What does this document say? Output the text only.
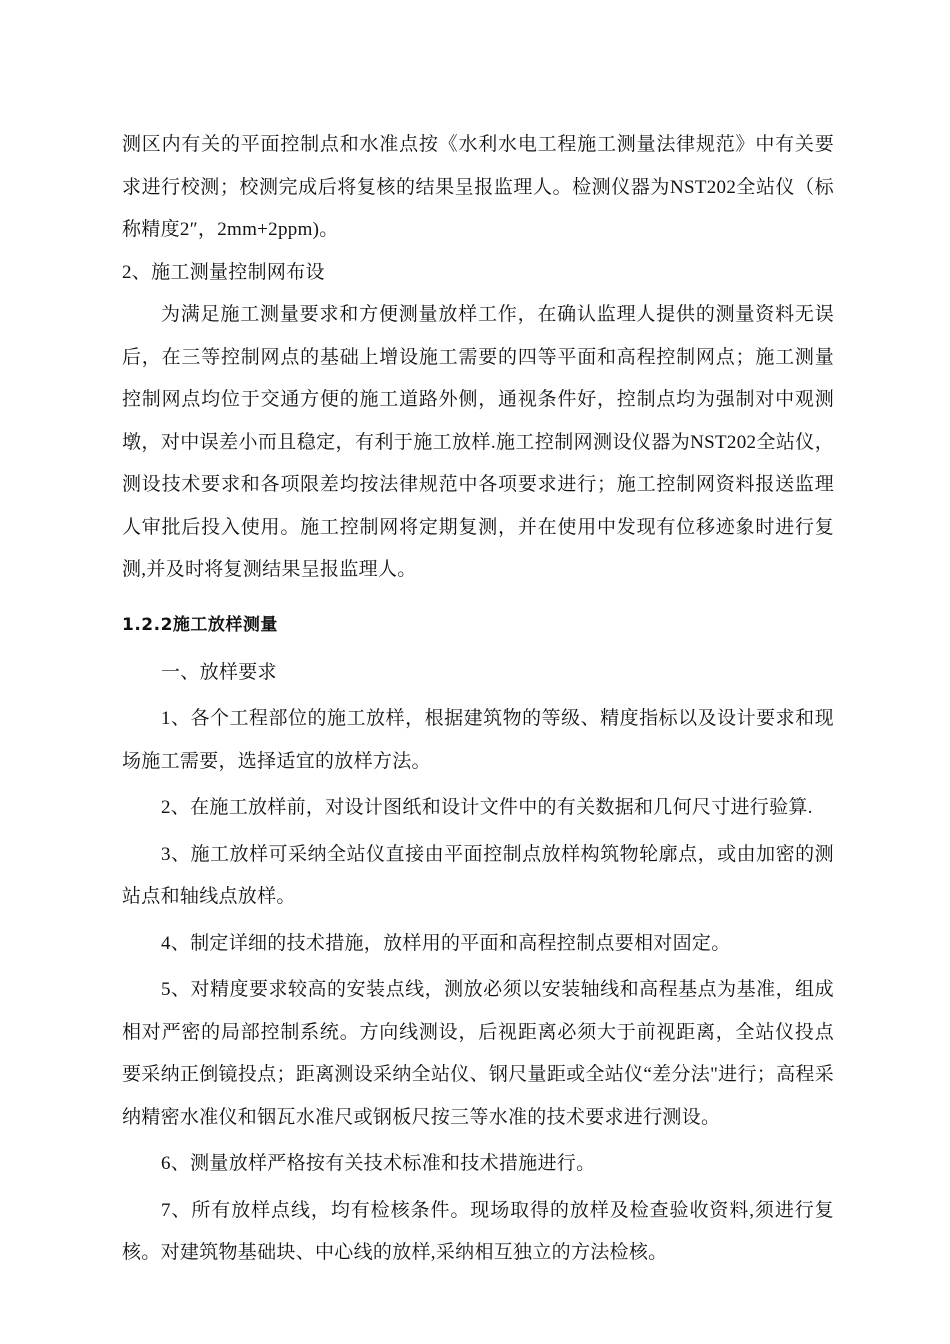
测区内有关的平面控制点和水准点按《水利水电工程施工测量法律规范》中有关要求进行校测；校测完成后将复核的结果呈报监理人。检测仪器为NST202全站仪（标称精度2″，2mm+2ppm)。

2、施工测量控制网布设

为满足施工测量要求和方便测量放样工作，在确认监理人提供的测量资料无误后，在三等控制网点的基础上增设施工需要的四等平面和高程控制网点；施工测量控制网点均位于交通方便的施工道路外侧，通视条件好，控制点均为强制对中观测墩，对中误差小而且稳定，有利于施工放样.施工控制网测设仪器为NST202全站仪，测设技术要求和各项限差均按法律规范中各项要求进行；施工控制网资料报送监理人审批后投入使用。施工控制网将定期复测，并在使用中发现有位移迹象时进行复测,并及时将复测结果呈报监理人。

1.2.2施工放样测量

一、放样要求

1、各个工程部位的施工放样，根据建筑物的等级、精度指标以及设计要求和现场施工需要，选择适宜的放样方法。

2、在施工放样前，对设计图纸和设计文件中的有关数据和几何尺寸进行验算.

3、施工放样可采纳全站仪直接由平面控制点放样构筑物轮廓点，或由加密的测站点和轴线点放样。

4、制定详细的技术措施，放样用的平面和高程控制点要相对固定。

5、对精度要求较高的安装点线，测放必须以安装轴线和高程基点为基准，组成相对严密的局部控制系统。方向线测设，后视距离必须大于前视距离，全站仪投点要采纳正倒镜投点；距离测设采纳全站仪、钢尺量距或全站仪“差分法"进行；高程采纳精密水准仪和铟瓦水准尺或钢板尺按三等水准的技术要求进行测设。

6、测量放样严格按有关技术标准和技术措施进行。

7、所有放样点线，均有检核条件。现场取得的放样及检查验收资料,须进行复核。对建筑物基础块、中心线的放样,采纳相互独立的方法检核。
